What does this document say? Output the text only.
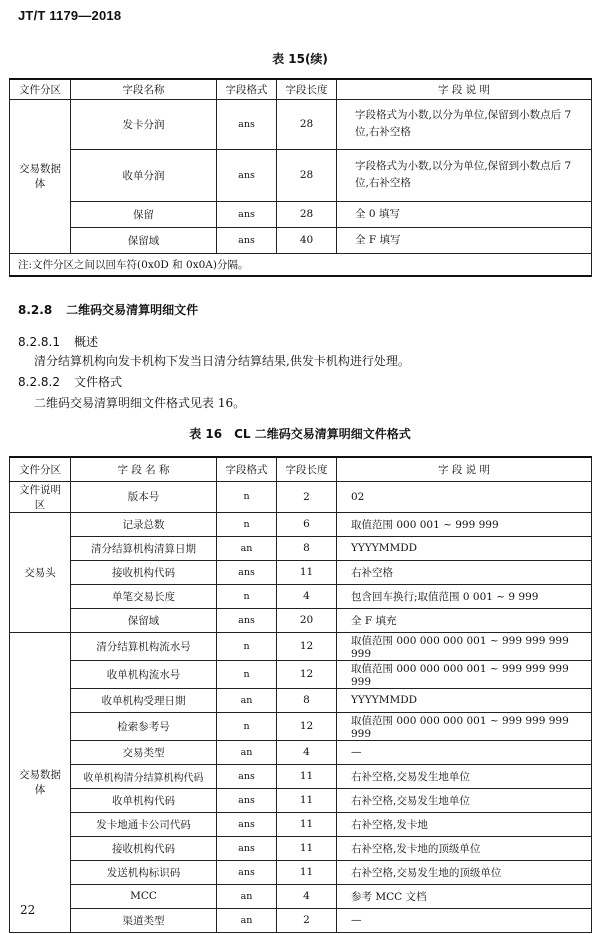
JT/T 1179—2018
表 15(续)
文件分区	字段名称	字段格式	字段长度	字 段 说 明
交易数据体	发卡分润	ans	28	字段格式为小数,以分为单位,保留到小数点后 7 位,右补空格
	收单分润	ans	28	字段格式为小数,以分为单位,保留到小数点后 7 位,右补空格
	保留	ans	28	全 0 填写
	保留域	ans	40	全 F 填写
注:文件分区之间以回车符(0x0D 和 0x0A)分隔。				
8.2.8 二维码交易清算明细文件
8.2.8.1 概述
清分结算机构向发卡机构下发当日清分结算结果,供发卡机构进行处理。
8.2.8.2 文件格式
二维码交易清算明细文件格式见表 16。
表 16　CL 二维码交易清算明细文件格式
文件分区	字 段 名 称	字段格式	字段长度	字 段 说 明
文件说明区	版本号	n	2	02
交易头	记录总数	n	6	取值范围 000 001 ~ 999 999
	清分结算机构清算日期	an	8	YYYYMMDD
	接收机构代码	ans	11	右补空格
	单笔交易长度	n	4	包含回车换行;取值范围 0 001 ~ 9 999
	保留域	ans	20	全 F 填充
交易数据体	清分结算机构流水号	n	12	取值范围 000 000 000 001 ~ 999 999 999 999
	收单机构流水号	n	12	取值范围 000 000 000 001 ~ 999 999 999 999
	收单机构受理日期	an	8	YYYYMMDD
	检索参考号	n	12	取值范围 000 000 000 001 ~ 999 999 999 999
	交易类型	an	4	—
	收单机构清分结算机构代码	ans	11	右补空格,交易发生地单位
	收单机构代码	ans	11	右补空格,交易发生地单位
	发卡地通卡公司代码	ans	11	右补空格,发卡地
	接收机构代码	ans	11	右补空格,发卡地的顶级单位
	发送机构标识码	ans	11	右补空格,交易发生地的顶级单位
	MCC	an	4	参考 MCC 文档
	渠道类型	an	2	—
22
